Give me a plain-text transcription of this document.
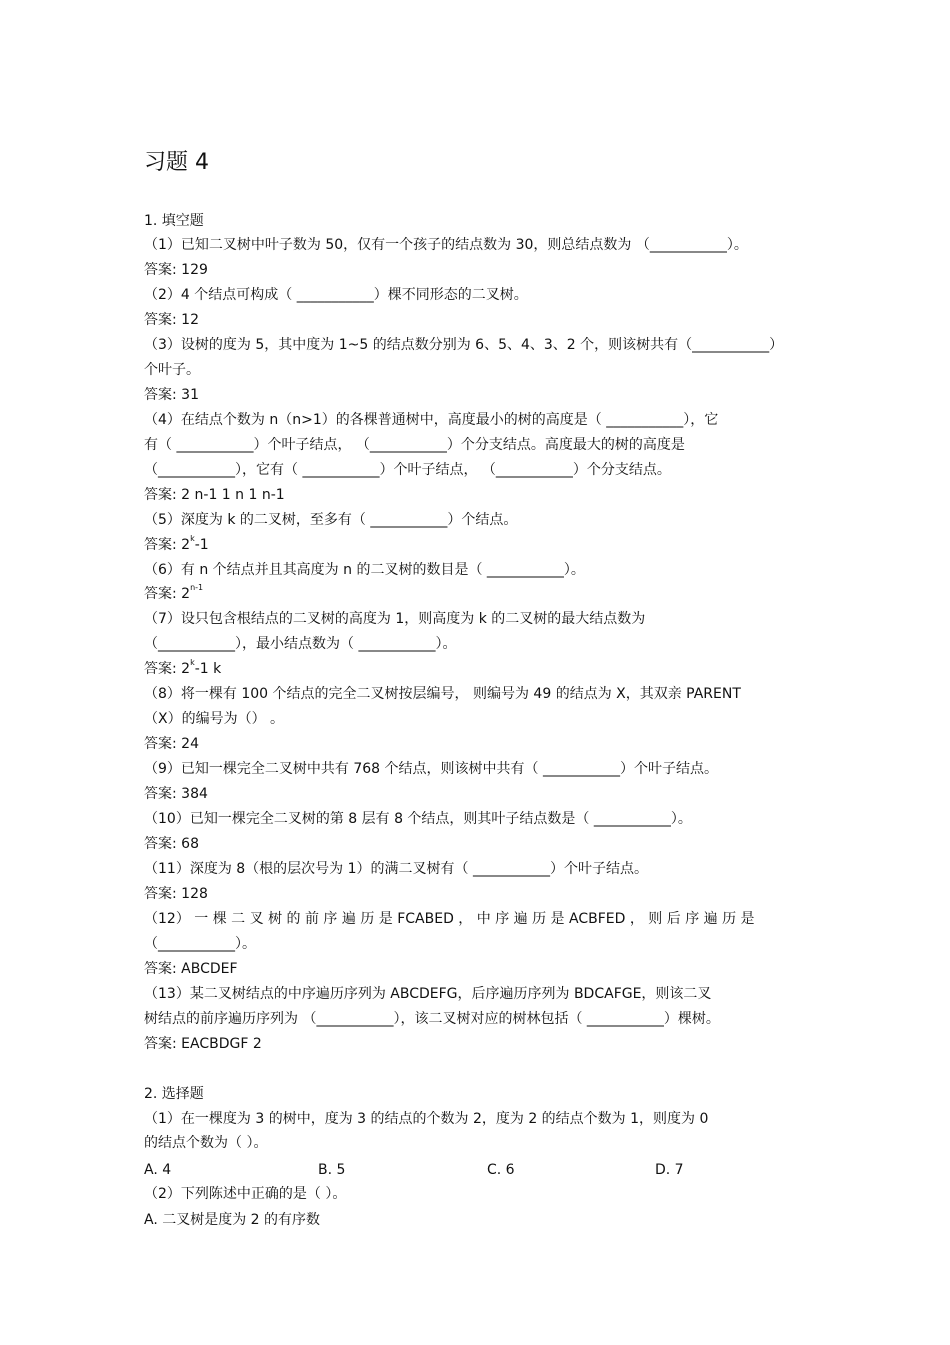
习题 4
1. 填空题
（1）已知二叉树中叶子数为 50，仅有一个孩子的结点数为 30，则总结点数为 （___________）。
答案: 129
（2）4 个结点可构成（ ___________）棵不同形态的二叉树。
答案: 12
（3）设树的度为 5，其中度为 1~5 的结点数分别为 6、5、4、3、2 个，则该树共有（___________）
个叶子。
答案: 31
（4）在结点个数为 n（n>1）的各棵普通树中，高度最小的树的高度是（ ___________），它
有（ ___________）个叶子结点， （___________）个分支结点。高度最大的树的高度是
（___________），它有（ ___________）个叶子结点， （___________）个分支结点。
答案: 2 n-1 1 n 1 n-1
（5）深度为 k 的二叉树，至多有（ ___________）个结点。
答案: 2$^k$-1
（6）有 n 个结点并且其高度为 n 的二叉树的数目是（ ___________）。
答案: 2$^{n-1}$
（7）设只包含根结点的二叉树的高度为 1，则高度为 k 的二叉树的最大结点数为
（___________），最小结点数为（ ___________）。
答案: 2$^k$-1 k
（8）将一棵有 100 个结点的完全二叉树按层编号， 则编号为 49 的结点为 X，其双亲 PARENT
（X）的编号为（） 。
答案: 24
（9）已知一棵完全二叉树中共有 768 个结点，则该树中共有（ ___________）个叶子结点。
答案: 384
（10）已知一棵完全二叉树的第 8 层有 8 个结点，则其叶子结点数是（ ___________）。
答案: 68
（11）深度为 8（根的层次号为 1）的满二叉树有（ ___________）个叶子结点。
答案: 128
（12） 一 棵 二 叉 树 的 前 序 遍 历 是 FCABED ， 中 序 遍 历 是 ACBFED ， 则 后 序 遍 历 是
（___________）。
答案: ABCDEF
（13）某二叉树结点的中序遍历序列为 ABCDEFG，后序遍历序列为 BDCAFGE，则该二叉
树结点的前序遍历序列为 （___________），该二叉树对应的树林包括（ ___________）棵树。
答案: EACBDGF 2
2. 选择题
（1）在一棵度为 3 的树中，度为 3 的结点的个数为 2，度为 2 的结点个数为 1，则度为 0
的结点个数为（ ）。
A. 4	B. 5	C. 6	D. 7
（2）下列陈述中正确的是（ ）。
A. 二叉树是度为 2 的有序数
